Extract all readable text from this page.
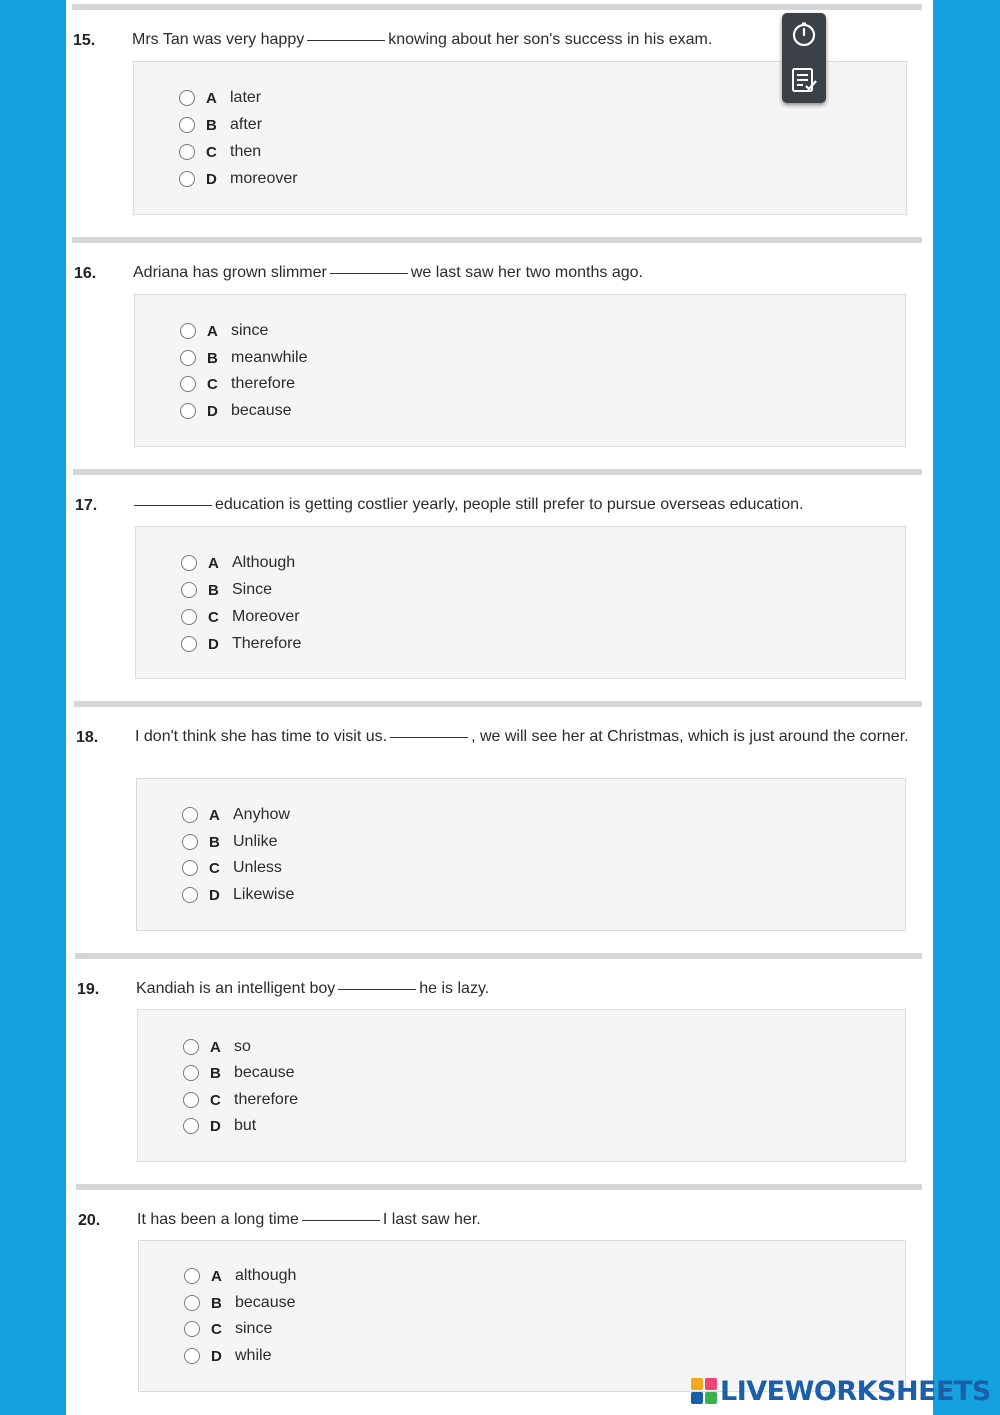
15. Mrs Tan was very happy	knowing about her son's success in his exam.
A later
B after
C then
D moreover
16. Adriana has grown slimmer	we last saw her two months ago.
A since
B meanwhile
C therefore
D because
17.	education is getting costlier yearly, people still prefer to pursue overseas education.
A Although
B Since
C Moreover
D Therefore
18. I don't think she has time to visit us.	, we will see her at Christmas, which is just around the corner.
A Anyhow
B Unlike
C Unless
D Likewise
19. Kandiah is an intelligent boy	he is lazy.
A so
B because
C therefore
D but
20. It has been a long time	I last saw her.
A although
B because
C since
D while
LIVEWORKSHEETS
